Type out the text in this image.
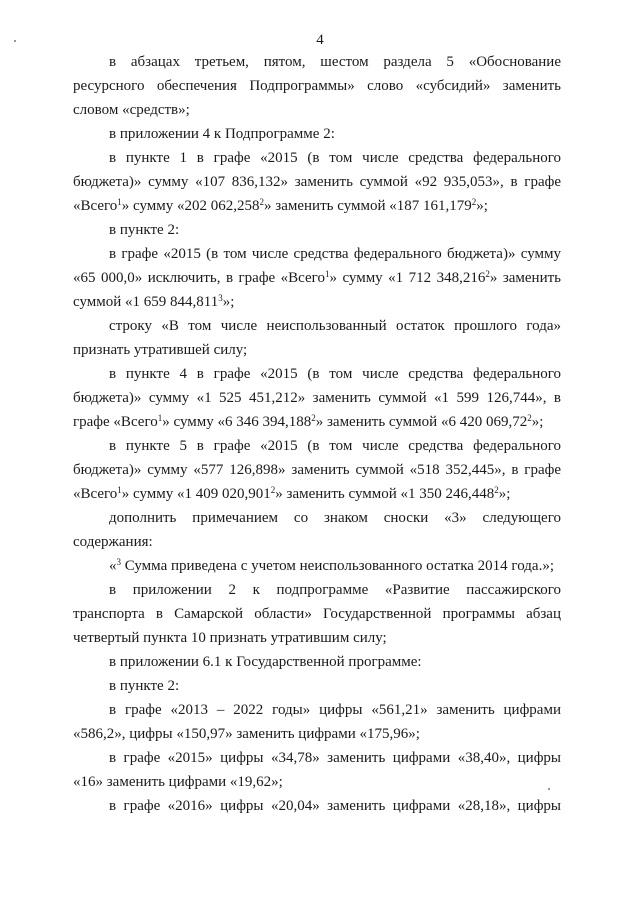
4
в абзацах третьем, пятом, шестом раздела 5 «Обоснование
ресурсного обеспечения Подпрограммы» слово «субсидий» заменить
словом «средств»;
в приложении 4 к Подпрограмме 2:
в пункте 1 в графе «2015 (в том числе средства федерального
бюджета)» сумму «107 836,132» заменить суммой «92 935,053», в графе
«Всего$^1$» сумму «202 062,258$^2$» заменить суммой «187 161,179$^2$»;
в пункте 2:
в графе «2015 (в том числе средства федерального бюджета)» сумму
«65 000,0» исключить, в графе «Всего$^1$» сумму «1 712 348,216$^2$» заменить
суммой «1 659 844,811$^3$»;
строку «В том числе неиспользованный остаток прошлого года»
признать утратившей силу;
в пункте 4 в графе «2015 (в том числе средства федерального
бюджета)» сумму «1 525 451,212» заменить суммой «1 599 126,744», в
графе «Всего$^1$» сумму «6 346 394,188$^2$» заменить суммой «6 420 069,72$^2$»;
в пункте 5 в графе «2015 (в том числе средства федерального
бюджета)» сумму «577 126,898» заменить суммой «518 352,445», в графе
«Всего$^1$» сумму «1 409 020,901$^2$» заменить суммой «1 350 246,448$^2$»;
дополнить примечанием со знаком сноски «3» следующего
содержания:
«$^3$ Сумма приведена с учетом неиспользованного остатка 2014 года.»;
в приложении 2 к подпрограмме «Развитие пассажирского
транспорта в Самарской области» Государственной программы абзац
четвертый пункта 10 признать утратившим силу;
в приложении 6.1 к Государственной программе:
в пункте 2:
в графе «2013 – 2022 годы» цифры «561,21» заменить цифрами
«586,2», цифры «150,97» заменить цифрами «175,96»;
в графе «2015» цифры «34,78» заменить цифрами «38,40», цифры
«16» заменить цифрами «19,62»;
в графе «2016» цифры «20,04» заменить цифрами «28,18», цифры
